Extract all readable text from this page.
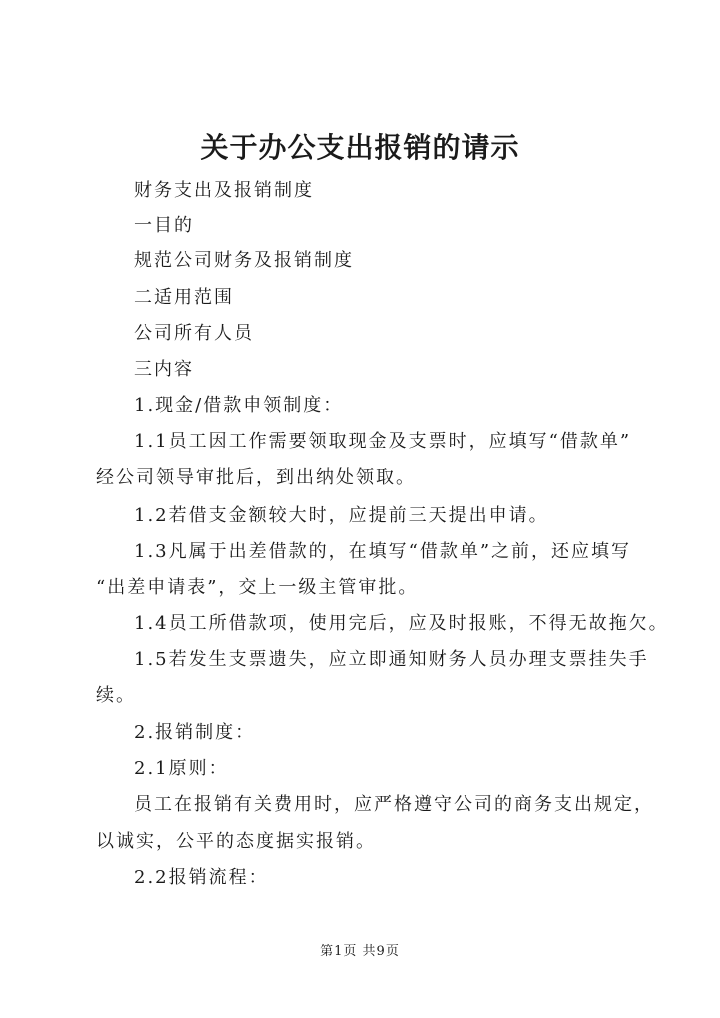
关于办公支出报销的请示
财务支出及报销制度
一目的
规范公司财务及报销制度
二适用范围
公司所有人员
三内容
1.现金/借款申领制度：
1.1员工因工作需要领取现金及支票时，应填写“借款单”
经公司领导审批后，到出纳处领取。
1.2若借支金额较大时，应提前三天提出申请。
1.3凡属于出差借款的，在填写“借款单”之前，还应填写
“出差申请表”，交上一级主管审批。
1.4员工所借款项，使用完后，应及时报账，不得无故拖欠。
1.5若发生支票遗失，应立即通知财务人员办理支票挂失手
续。
2.报销制度：
2.1原则：
员工在报销有关费用时，应严格遵守公司的商务支出规定，
以诚实，公平的态度据实报销。
2.2报销流程：
第1页 共9页
